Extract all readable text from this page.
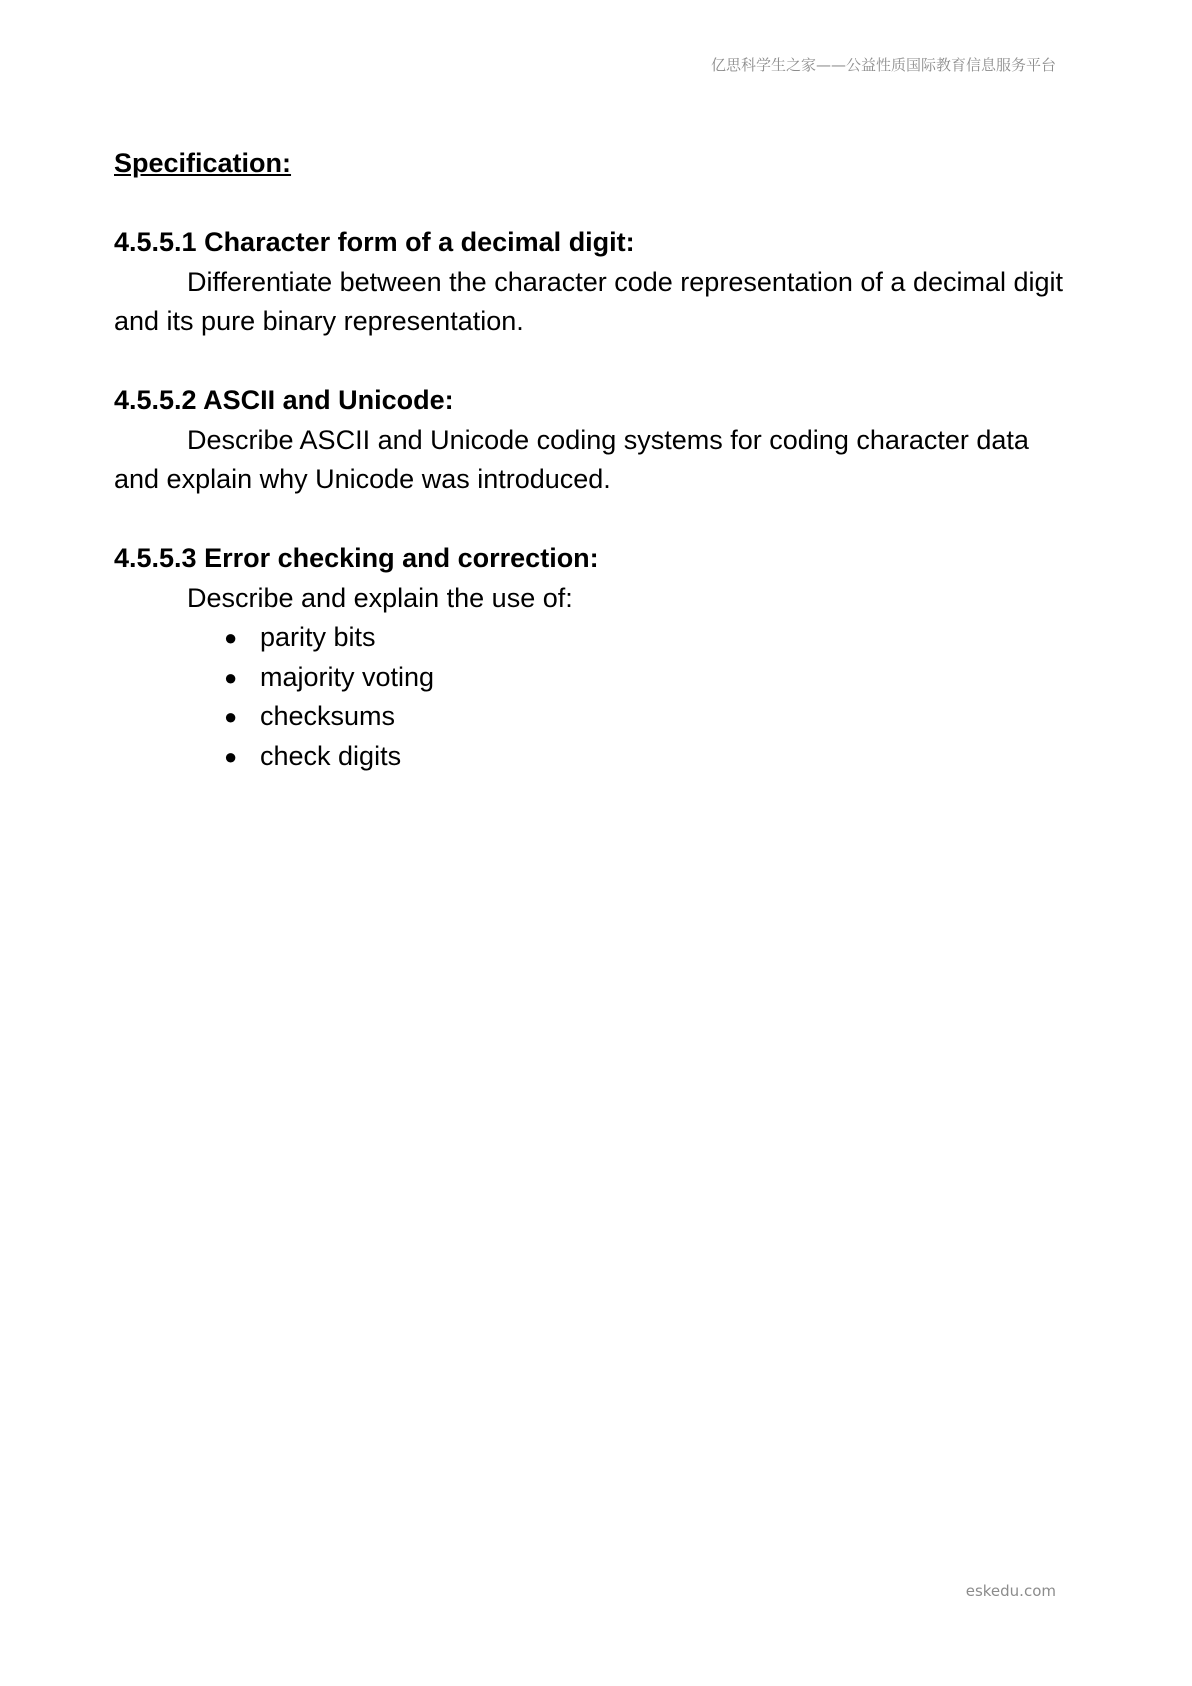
亿思科学生之家——公益性质国际教育信息服务平台

Specification:

4.5.5.1 Character form of a decimal digit:

Differentiate between the character code representation of a decimal digit and its pure binary representation.

4.5.5.2 ASCII and Unicode:

Describe ASCII and Unicode coding systems for coding character data and explain why Unicode was introduced.

4.5.5.3 Error checking and correction:

Describe and explain the use of:

● parity bits
● majority voting
● checksums
● check digits
eskedu.com
